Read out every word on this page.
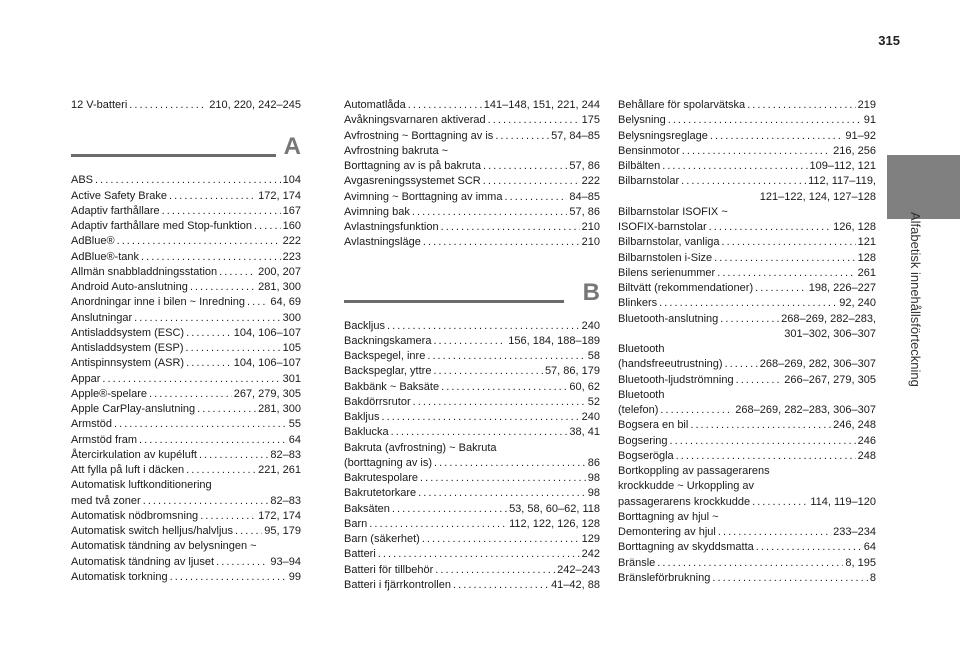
315
Alfabetisk innehållsförteckning
12 V-batteri . . .	210, 220, 242–245
A
ABS . . .	104
Active Safety Brake . . .	172, 174
Adaptiv farthållare . . .	167
Adaptiv farthållare med Stop-funktion . . .	160
AdBlue® . . .	222
AdBlue®-tank . . .	223
Allmän snabbladdningsstation . . .	200, 207
Android Auto-anslutning . . .	281, 300
Anordningar inne i bilen ~ Inredning . . . 64, 69
Anslutningar . . .	300
Antisladdsystem (ESC) . . .	104, 106–107
Antisladdsystem (ESP) . . .	105
Antispinnsystem (ASR) . . .	104, 106–107
Appar . . .	301
Apple®-spelare . . .	267, 279, 305
Apple CarPlay-anslutning . . .	281, 300
Armstöd . . .	55
Armstöd fram . . .	64
Återcirkulation av kupéluft . . .	82–83
Att fylla på luft i däcken . . .	221, 261
Automatisk luftkonditionering
med två zoner . . .	82–83
Automatisk nödbromsning . . .	172, 174
Automatisk switch helljus/halvljus . . .	95, 179
Automatisk tändning av belysningen ~
Automatisk tändning av ljuset . . .	93–94
Automatisk torkning . . .	99
Automatlåda . . .	141–148, 151, 221, 244
Avåkningsvarnaren aktiverad . . .	175
Avfrostning ~ Borttagning av is . . .	57, 84–85
Avfrostning bakruta ~
Borttagning av is på bakruta . . .	57, 86
Avgasreningssystemet SCR . . .	222
Avimning ~ Borttagning av imma . . .	84–85
Avimning bak . . .	57, 86
Avlastningsfunktion . . .	210
Avlastningsläge . . .	210
B
Backljus . . .	240
Backningskamera . . .	156, 184, 188–189
Backspegel, inre . . .	58
Backspeglar, yttre . . .	57, 86, 179
Bakbänk ~ Baksäte . . .	60, 62
Bakdörrsrutor . . .	52
Bakljus . . .	240
Baklucka . . .	38, 41
Bakruta (avfrostning) ~ Bakruta
(borttagning av is) . . .	86
Bakrutespolare . . .	98
Bakrutetorkare . . .	98
Baksäten . . .	53, 58, 60–62, 118
Barn . . .	112, 122, 126, 128
Barn (säkerhet) . . .	129
Batteri . . .	242
Batteri för tillbehör . . .	242–243
Batteri i fjärrkontrollen . . .	41–42, 88
Behållare för spolarvätska . . .	219
Belysning . . .	91
Belysningsreglage . . .	91–92
Bensinmotor . . .	216, 256
Bilbälten . . .	109–112, 121
Bilbarnstolar . . .	112, 117–119,
121–122, 124, 127–128
Bilbarnstolar ISOFIX ~
ISOFIX-barnstolar . . .	126, 128
Bilbarnstolar, vanliga . . .	121
Bilbarnstolen i-Size . . .	128
Bilens serienummer . . .	261
Biltvätt (rekommendationer) . . .	198, 226–227
Blinkers . . .	92, 240
Bluetooth-anslutning . . .	268–269, 282–283,
301–302, 306–307
Bluetooth
(handsfreeutrustning) . . .	268–269, 282, 306–307
Bluetooth-ljudströmning . . .	266–267, 279, 305
Bluetooth
(telefon) . . .	268–269, 282–283, 306–307
Bogsera en bil . . .	246, 248
Bogsering . . .	246
Bogserögla . . .	248
Bortkoppling av passagerarens
krockkudde ~ Urkoppling av
passagerarens krockkudde . . .	114, 119–120
Borttagning av hjul ~
Demontering av hjul . . .	233–234
Borttagning av skyddsmatta . . .	64
Bränsle . . .	8, 195
Bränsleförbrukning . . .	8
